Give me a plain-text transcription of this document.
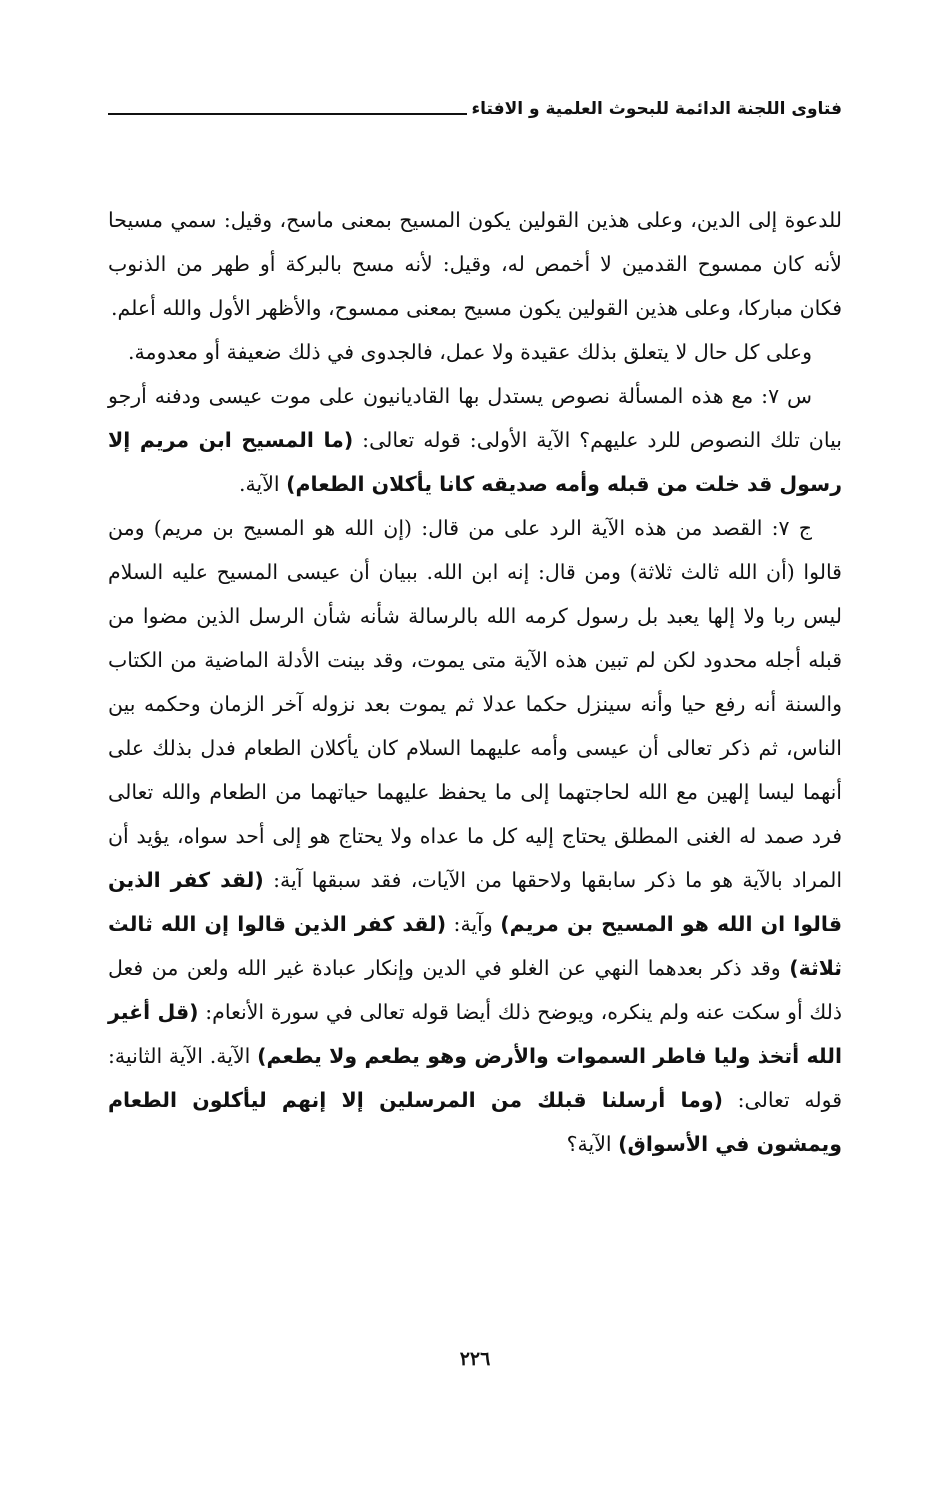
فتاوى اللجنة الدائمة للبحوث العلمية و الافتاء

للدعوة إلى الدين، وعلى هذين القولين يكون المسيح بمعنى ماسح، وقيل: سمي مسيحا لأنه كان ممسوح القدمين لا أخمص له، وقيل: لأنه مسح بالبركة أو طهر من الذنوب فكان مباركا، وعلى هذين القولين يكون مسيح بمعنى ممسوح، والأظهر الأول والله أعلم.

وعلى كل حال لا يتعلق بذلك عقيدة ولا عمل، فالجدوى في ذلك ضعيفة أو معدومة.

س ٧: مع هذه المسألة نصوص يستدل بها القاديانيون على موت عيسى ودفنه أرجو بيان تلك النصوص للرد عليهم؟ الآية الأولى: قوله تعالى: (ما المسيح ابن مريم إلا رسول قد خلت من قبله وأمه صديقه كانا يأكلان الطعام) الآية.

ج ٧: القصد من هذه الآية الرد على من قال: (إن الله هو المسيح بن مريم) ومن قالوا (أن الله ثالث ثلاثة) ومن قال: إنه ابن الله. ببيان أن عيسى المسيح عليه السلام ليس ربا ولا إلها يعبد بل رسول كرمه الله بالرسالة شأنه شأن الرسل الذين مضوا من قبله أجله محدود لكن لم تبين هذه الآية متى يموت، وقد بينت الأدلة الماضية من الكتاب والسنة أنه رفع حيا وأنه سينزل حكما عدلا ثم يموت بعد نزوله آخر الزمان وحكمه بين الناس، ثم ذكر تعالى أن عيسى وأمه عليهما السلام كان يأكلان الطعام فدل بذلك على أنهما ليسا إلهين مع الله لحاجتهما إلى ما يحفظ عليهما حياتهما من الطعام والله تعالى فرد صمد له الغنى المطلق يحتاج إليه كل ما عداه ولا يحتاج هو إلى أحد سواه، يؤيد أن المراد بالآية هو ما ذكر سابقها ولاحقها من الآيات، فقد سبقها آية: (لقد كفر الذين قالوا ان الله هو المسيح بن مريم) وآية: (لقد كفر الذين قالوا إن الله ثالث ثلاثة) وقد ذكر بعدهما النهي عن الغلو في الدين وإنكار عبادة غير الله ولعن من فعل ذلك أو سكت عنه ولم ينكره، ويوضح ذلك أيضا قوله تعالى في سورة الأنعام: (قل أغير الله أتخذ وليا فاطر السموات والأرض وهو يطعم ولا يطعم) الآية. الآية الثانية: قوله تعالى: (وما أرسلنا قبلك من المرسلين إلا إنهم ليأكلون الطعام ويمشون في الأسواق) الآية؟

٢٢٦
